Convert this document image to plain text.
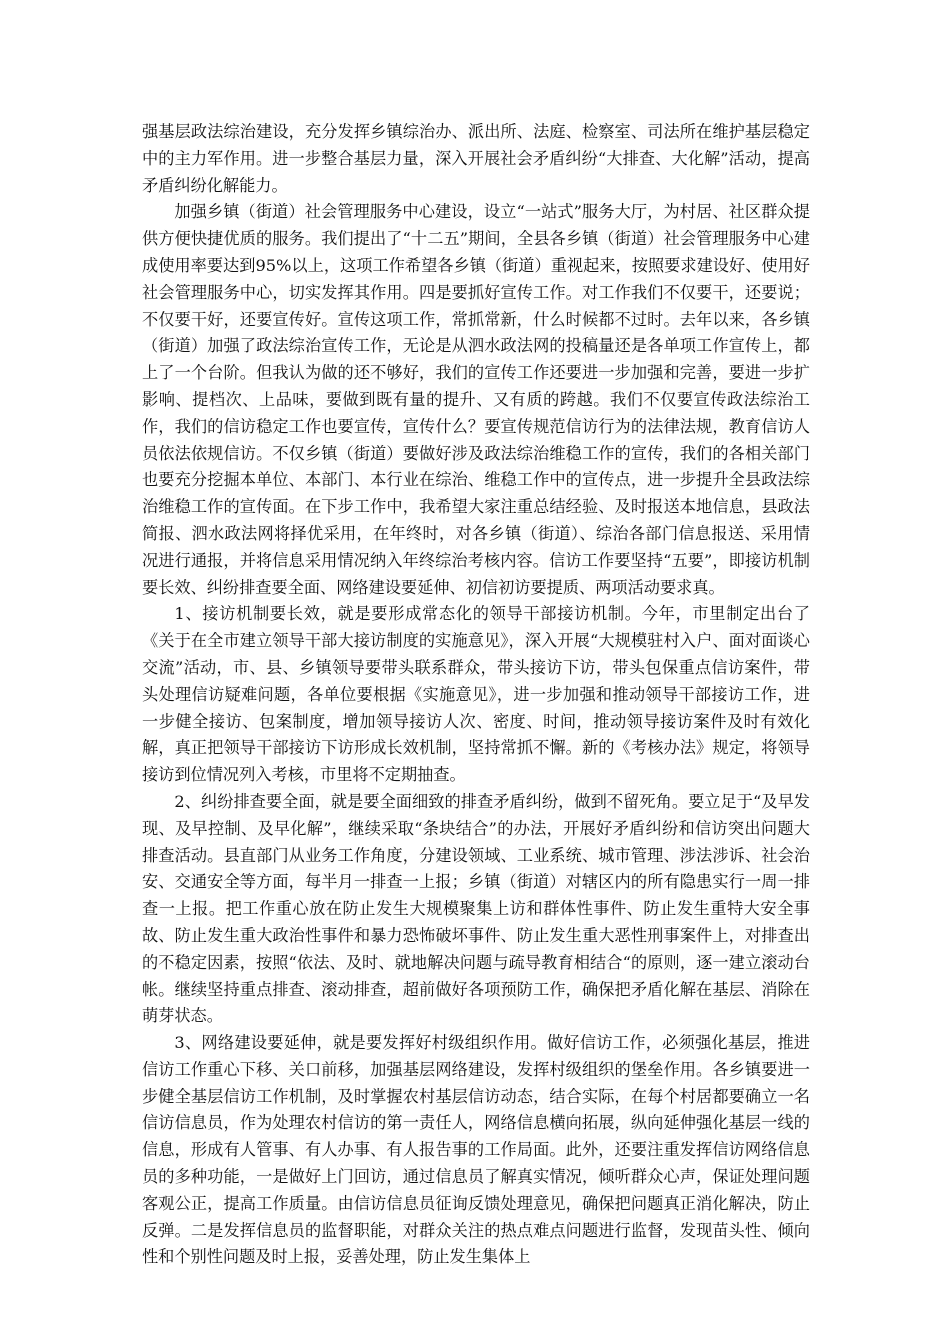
强基层政法综治建设，充分发挥乡镇综治办、派出所、法庭、检察室、司法所在维护基层稳定中的主力军作用。进一步整合基层力量，深入开展社会矛盾纠纷“大排查、大化解”活动，提高矛盾纠纷化解能力。

加强乡镇（街道）社会管理服务中心建设，设立“一站式”服务大厅，为村居、社区群众提供方便快捷优质的服务。我们提出了“十二五”期间，全县各乡镇（街道）社会管理服务中心建成使用率要达到95%以上，这项工作希望各乡镇（街道）重视起来，按照要求建设好、使用好社会管理服务中心，切实发挥其作用。四是要抓好宣传工作。对工作我们不仅要干，还要说；不仅要干好，还要宣传好。宣传这项工作，常抓常新，什么时候都不过时。去年以来，各乡镇（街道）加强了政法综治宣传工作，无论是从泗水政法网的投稿量还是各单项工作宣传上，都上了一个台阶。但我认为做的还不够好，我们的宣传工作还要进一步加强和完善，要进一步扩影响、提档次、上品味，要做到既有量的提升、又有质的跨越。我们不仅要宣传政法综治工作，我们的信访稳定工作也要宣传，宣传什么？要宣传规范信访行为的法律法规，教育信访人员依法依规信访。不仅乡镇（街道）要做好涉及政法综治维稳工作的宣传，我们的各相关部门也要充分挖掘本单位、本部门、本行业在综治、维稳工作中的宣传点，进一步提升全县政法综治维稳工作的宣传面。在下步工作中，我希望大家注重总结经验、及时报送本地信息，县政法简报、泗水政法网将择优采用，在年终时，对各乡镇（街道）、综治各部门信息报送、采用情况进行通报，并将信息采用情况纳入年终综治考核内容。信访工作要坚持“五要”，即接访机制要长效、纠纷排查要全面、网络建设要延伸、初信初访要提质、两项活动要求真。

1、接访机制要长效，就是要形成常态化的领导干部接访机制。今年，市里制定出台了《关于在全市建立领导干部大接访制度的实施意见》，深入开展“大规模驻村入户、面对面谈心交流”活动，市、县、乡镇领导要带头联系群众，带头接访下访，带头包保重点信访案件，带头处理信访疑难问题，各单位要根据《实施意见》，进一步加强和推动领导干部接访工作，进一步健全接访、包案制度，增加领导接访人次、密度、时间，推动领导接访案件及时有效化解，真正把领导干部接访下访形成长效机制，坚持常抓不懈。新的《考核办法》规定，将领导接访到位情况列入考核，市里将不定期抽查。

2、纠纷排查要全面，就是要全面细致的排查矛盾纠纷，做到不留死角。要立足于“及早发现、及早控制、及早化解”，继续采取“条块结合”的办法，开展好矛盾纠纷和信访突出问题大排查活动。县直部门从业务工作角度，分建设领域、工业系统、城市管理、涉法涉诉、社会治安、交通安全等方面，每半月一排查一上报；乡镇（街道）对辖区内的所有隐患实行一周一排查一上报。把工作重心放在防止发生大规模聚集上访和群体性事件、防止发生重特大安全事故、防止发生重大政治性事件和暴力恐怖破坏事件、防止发生重大恶性刑事案件上，对排查出的不稳定因素，按照“依法、及时、就地解决问题与疏导教育相结合“的原则，逐一建立滚动台帐。继续坚持重点排查、滚动排查，超前做好各项预防工作，确保把矛盾化解在基层、消除在萌芽状态。

3、网络建设要延伸，就是要发挥好村级组织作用。做好信访工作，必须强化基层，推进信访工作重心下移、关口前移，加强基层网络建设，发挥村级组织的堡垒作用。各乡镇要进一步健全基层信访工作机制，及时掌握农村基层信访动态，结合实际，在每个村居都要确立一名信访信息员，作为处理农村信访的第一责任人，网络信息横向拓展，纵向延伸强化基层一线的信息，形成有人管事、有人办事、有人报告事的工作局面。此外，还要注重发挥信访网络信息员的多种功能，一是做好上门回访，通过信息员了解真实情况，倾听群众心声，保证处理问题客观公正，提高工作质量。由信访信息员征询反馈处理意见，确保把问题真正消化解决，防止反弹。二是发挥信息员的监督职能，对群众关注的热点难点问题进行监督，发现苗头性、倾向性和个别性问题及时上报，妥善处理，防止发生集体上
